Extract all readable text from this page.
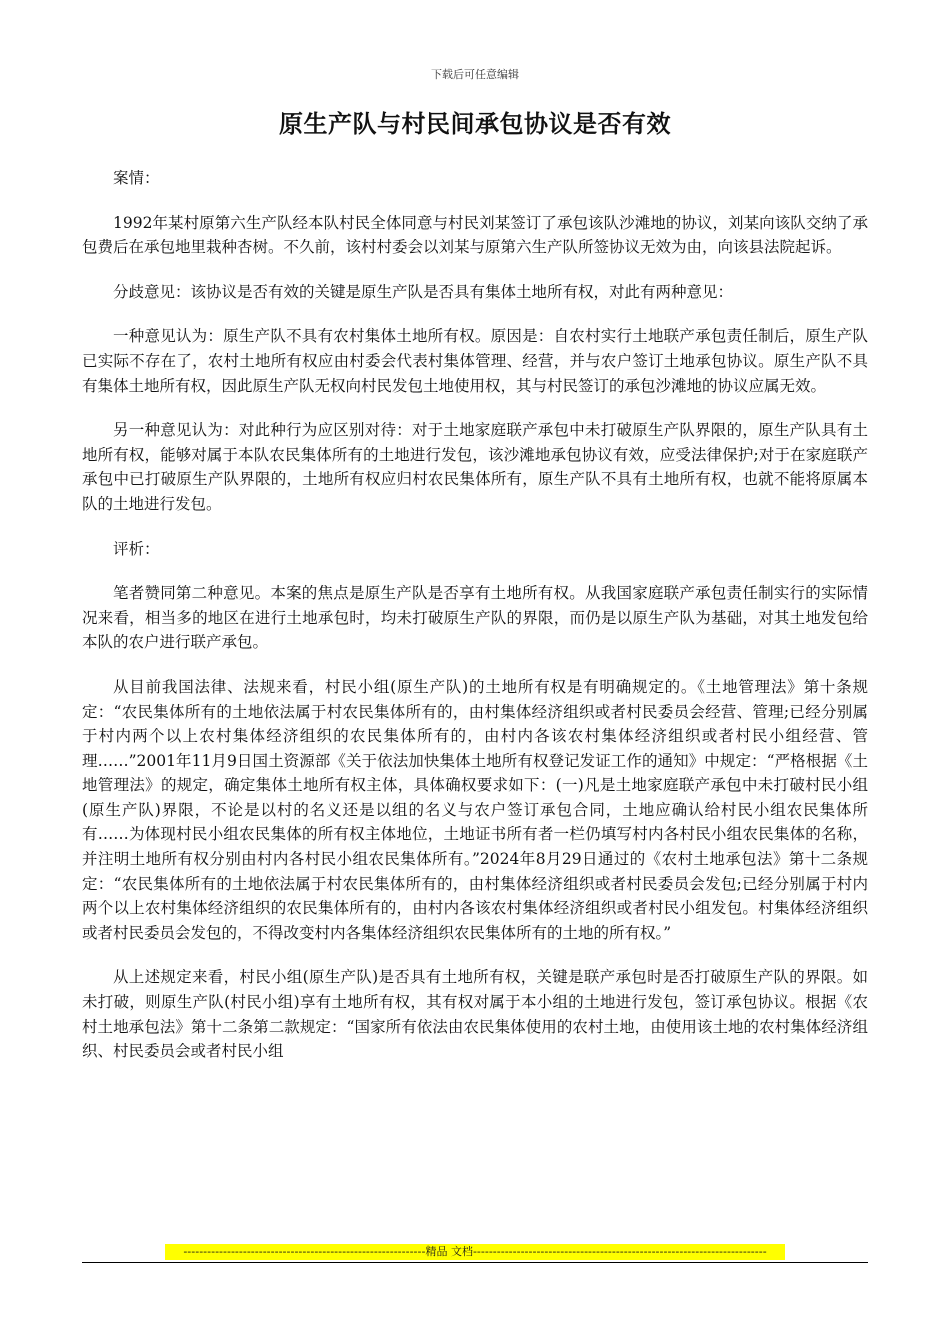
下载后可任意编辑
原生产队与村民间承包协议是否有效

案情：

1992年某村原第六生产队经本队村民全体同意与村民刘某签订了承包该队沙滩地的协议，刘某向该队交纳了承包费后在承包地里栽种杏树。不久前，该村村委会以刘某与原第六生产队所签协议无效为由，向该县法院起诉。

分歧意见：该协议是否有效的关键是原生产队是否具有集体土地所有权，对此有两种意见：

一种意见认为：原生产队不具有农村集体土地所有权。原因是：自农村实行土地联产承包责任制后，原生产队已实际不存在了，农村土地所有权应由村委会代表村集体管理、经营，并与农户签订土地承包协议。原生产队不具有集体土地所有权，因此原生产队无权向村民发包土地使用权，其与村民签订的承包沙滩地的协议应属无效。

另一种意见认为：对此种行为应区别对待：对于土地家庭联产承包中未打破原生产队界限的，原生产队具有土地所有权，能够对属于本队农民集体所有的土地进行发包，该沙滩地承包协议有效，应受法律保护;对于在家庭联产承包中已打破原生产队界限的，土地所有权应归村农民集体所有，原生产队不具有土地所有权，也就不能将原属本队的土地进行发包。

评析：

笔者赞同第二种意见。本案的焦点是原生产队是否享有土地所有权。从我国家庭联产承包责任制实行的实际情况来看，相当多的地区在进行土地承包时，均未打破原生产队的界限，而仍是以原生产队为基础，对其土地发包给本队的农户进行联产承包。

从目前我国法律、法规来看，村民小组(原生产队)的土地所有权是有明确规定的。《土地管理法》第十条规定：“农民集体所有的土地依法属于村农民集体所有的，由村集体经济组织或者村民委员会经营、管理;已经分别属于村内两个以上农村集体经济组织的农民集体所有的，由村内各该农村集体经济组织或者村民小组经营、管理……”2001年11月9日国土资源部《关于依法加快集体土地所有权登记发证工作的通知》中规定：“严格根据《土地管理法》的规定，确定集体土地所有权主体，具体确权要求如下：(一)凡是土地家庭联产承包中未打破村民小组(原生产队)界限，不论是以村的名义还是以组的名义与农户签订承包合同，土地应确认给村民小组农民集体所有……为体现村民小组农民集体的所有权主体地位，土地证书所有者一栏仍填写村内各村民小组农民集体的名称，并注明土地所有权分别由村内各村民小组农民集体所有。”2024年8月29日通过的《农村土地承包法》第十二条规定：“农民集体所有的土地依法属于村农民集体所有的，由村集体经济组织或者村民委员会发包;已经分别属于村内两个以上农村集体经济组织的农民集体所有的，由村内各该农村集体经济组织或者村民小组发包。村集体经济组织或者村民委员会发包的，不得改变村内各集体经济组织农民集体所有的土地的所有权。”

从上述规定来看，村民小组(原生产队)是否具有土地所有权，关键是联产承包时是否打破原生产队的界限。如未打破，则原生产队(村民小组)享有土地所有权，其有权对属于本小组的土地进行发包，签订承包协议。根据《农村土地承包法》第十二条第二款规定：“国家所有依法由农民集体使用的农村土地，由使用该土地的农村集体经济组织、村民委员会或者村民小组

-------------------------------------------------------------精品 文档--------------------------------------------------------------------------
